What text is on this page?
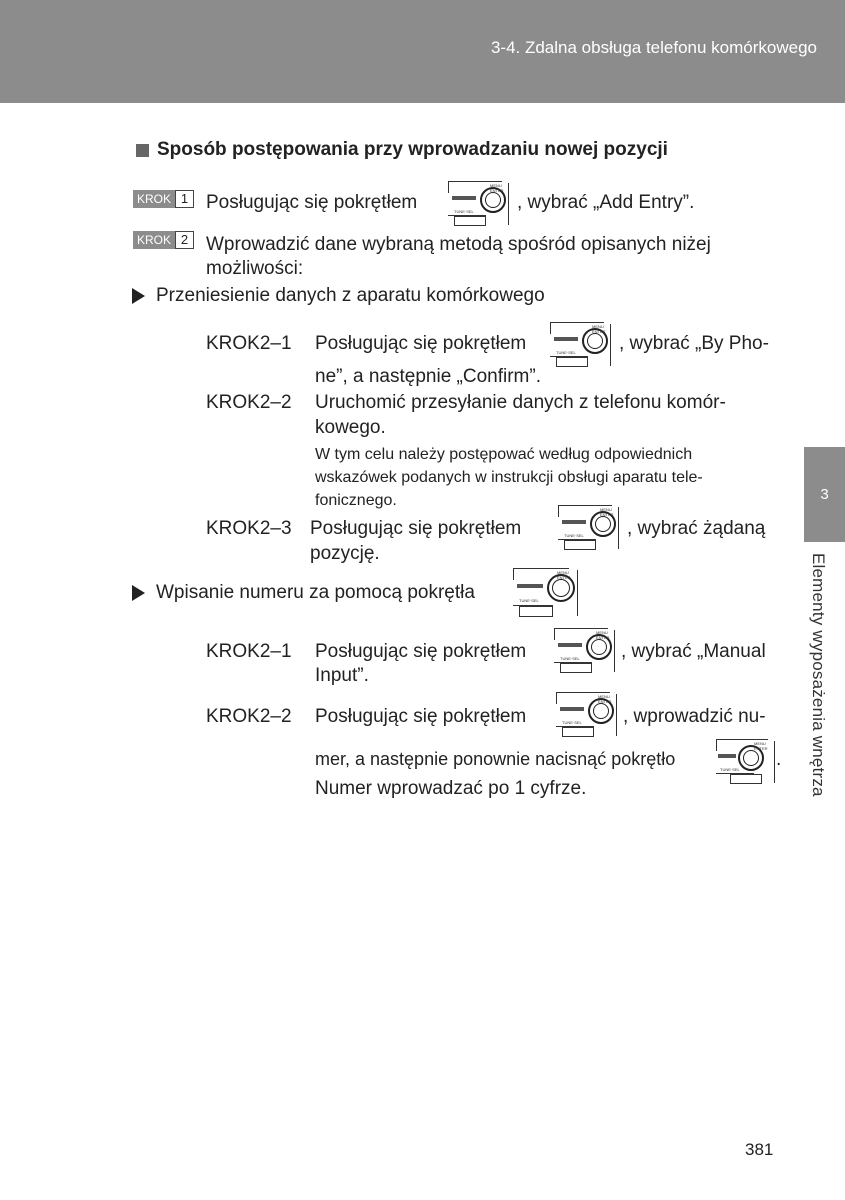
3-4. Zdalna obsługa telefonu komórkowego
3
Elementy wyposażenia wnętrza
Sposób postępowania przy wprowadzaniu nowej pozycji
KROK 1 Posługując się pokrętłem
MENU ENTER
TUNE·SEL , wybrać „Add Entry”.
KROK 2 Wprowadzić dane wybraną metodą spośród opisanych niżej
możliwości:
Przeniesienie danych z aparatu komórkowego
KROK2–1 Posługując się pokrętłem
MENU ENTER
TUNE·SEL , wybrać „By Pho-
ne”, a następnie „Confirm”.
KROK2–2 Uruchomić przesyłanie danych z telefonu komór-
kowego.
W tym celu należy postępować według odpowiednich
wskazówek podanych w instrukcji obsługi aparatu tele-
fonicznego.
KROK2–3 Posługując się pokrętłem
MENU ENTER
TUNE·SEL , wybrać żądaną
pozycję.
Wpisanie numeru za pomocą pokrętła
MENU ENTER
TUNE·SEL
KROK2–1 Posługując się pokrętłem
MENU ENTER
TUNE·SEL , wybrać „Manual
Input”.
KROK2–2 Posługując się pokrętłem
MENU ENTER
TUNE·SEL , wprowadzić nu-
mer, a następnie ponownie nacisnąć pokrętło
MENU ENTER
TUNE·SEL .
Numer wprowadzać po 1 cyfrze.
381
